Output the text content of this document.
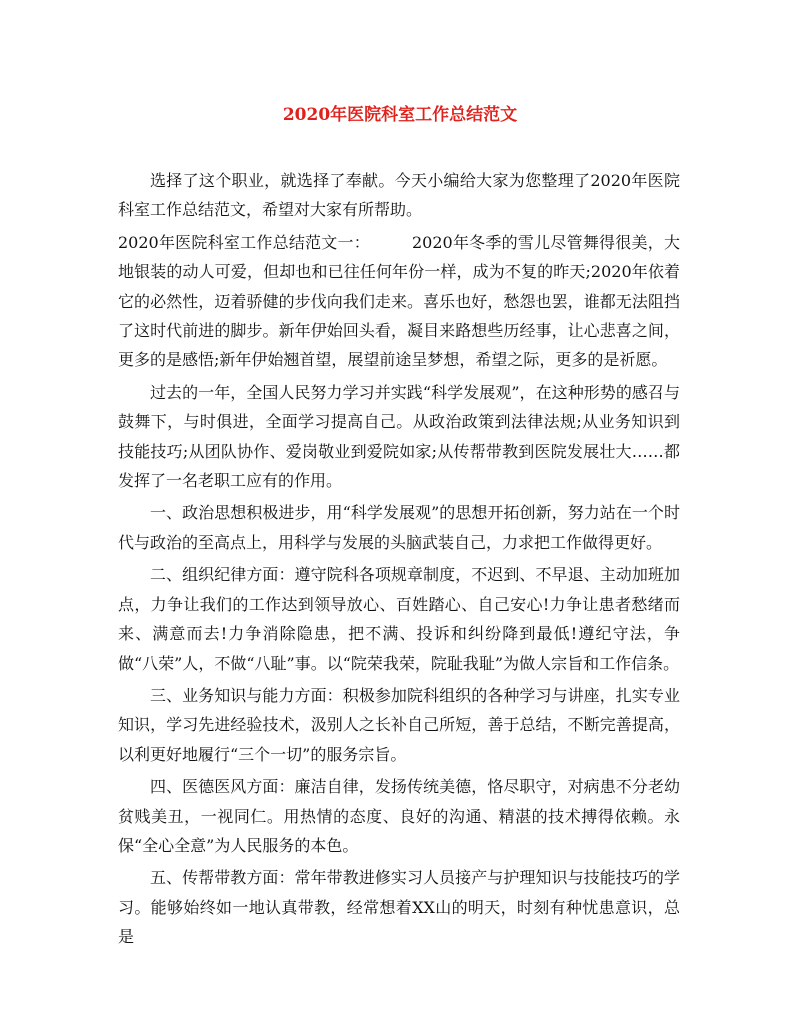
2020年医院科室工作总结范文

选择了这个职业，就选择了奉献。今天小编给大家为您整理了2020年医院科室工作总结范文，希望对大家有所帮助。

2020年医院科室工作总结范文一：	2020年冬季的雪儿尽管舞得很美，大地银装的动人可爱，但却也和已往任何年份一样，成为不复的昨天;2020年依着它的必然性，迈着骄健的步伐向我们走来。喜乐也好，愁怨也罢，谁都无法阻挡了这时代前进的脚步。新年伊始回头看，凝目来路想些历经事，让心悲喜之间，更多的是感悟;新年伊始翘首望，展望前途呈梦想，希望之际，更多的是祈愿。

过去的一年，全国人民努力学习并实践“科学发展观”，在这种形势的感召与鼓舞下，与时俱进，全面学习提高自己。从政治政策到法律法规;从业务知识到技能技巧;从团队协作、爱岗敬业到爱院如家;从传帮带教到医院发展壮大……都发挥了一名老职工应有的作用。

一、政治思想积极进步，用“科学发展观”的思想开拓创新，努力站在一个时代与政治的至高点上，用科学与发展的头脑武装自己，力求把工作做得更好。

二、组织纪律方面：遵守院科各项规章制度，不迟到、不早退、主动加班加点，力争让我们的工作达到领导放心、百姓踏心、自己安心!力争让患者愁绪而来、满意而去!力争消除隐患，把不满、投诉和纠纷降到最低!遵纪守法，争做“八荣”人，不做“八耻”事。以“院荣我荣，院耻我耻”为做人宗旨和工作信条。

三、业务知识与能力方面：积极参加院科组织的各种学习与讲座，扎实专业知识，学习先进经验技术，汲别人之长补自己所短，善于总结，不断完善提高，以利更好地履行“三个一切”的服务宗旨。

四、医德医风方面：廉洁自律，发扬传统美德，恪尽职守，对病患不分老幼贫贱美丑，一视同仁。用热情的态度、良好的沟通、精湛的技术搏得依赖。永保“全心全意”为人民服务的本色。

五、传帮带教方面：常年带教进修实习人员接产与护理知识与技能技巧的学习。能够始终如一地认真带教，经常想着XX山的明天，时刻有种忧患意识，总是
